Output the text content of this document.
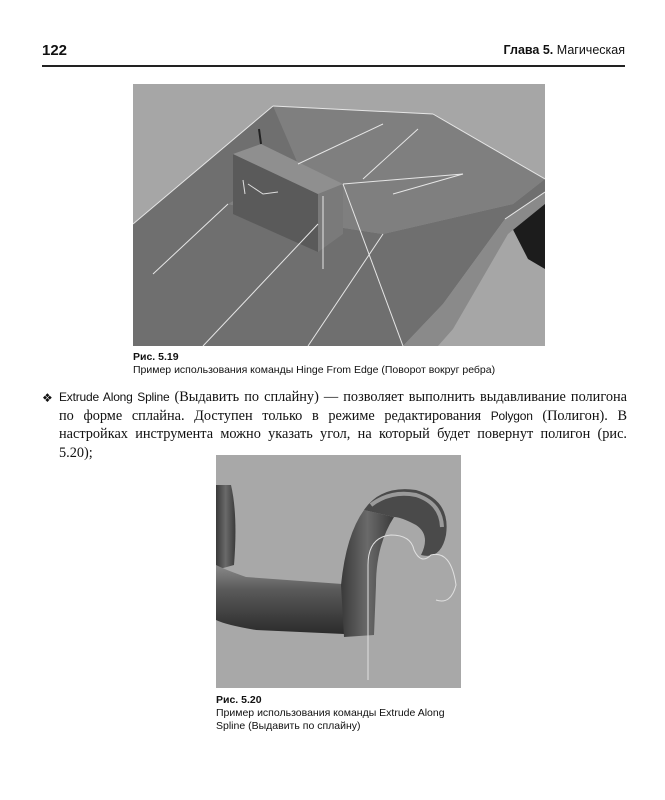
122	Глава 5. Магическая
Рис. 5.19
Пример использования команды Hinge From Edge (Поворот вокруг ребра)
❖ Extrude Along Spline (Выдавить по сплайну) — позволяет выполнить выдавливание полигона по форме сплайна. Доступен только в режиме редактирования Polygon (Полигон). В настройках инструмента можно указать угол, на который будет повернут полигон (рис. 5.20);
Рис. 5.20
Пример использования команды Extrude Along Spline (Выдавить по сплайну)
